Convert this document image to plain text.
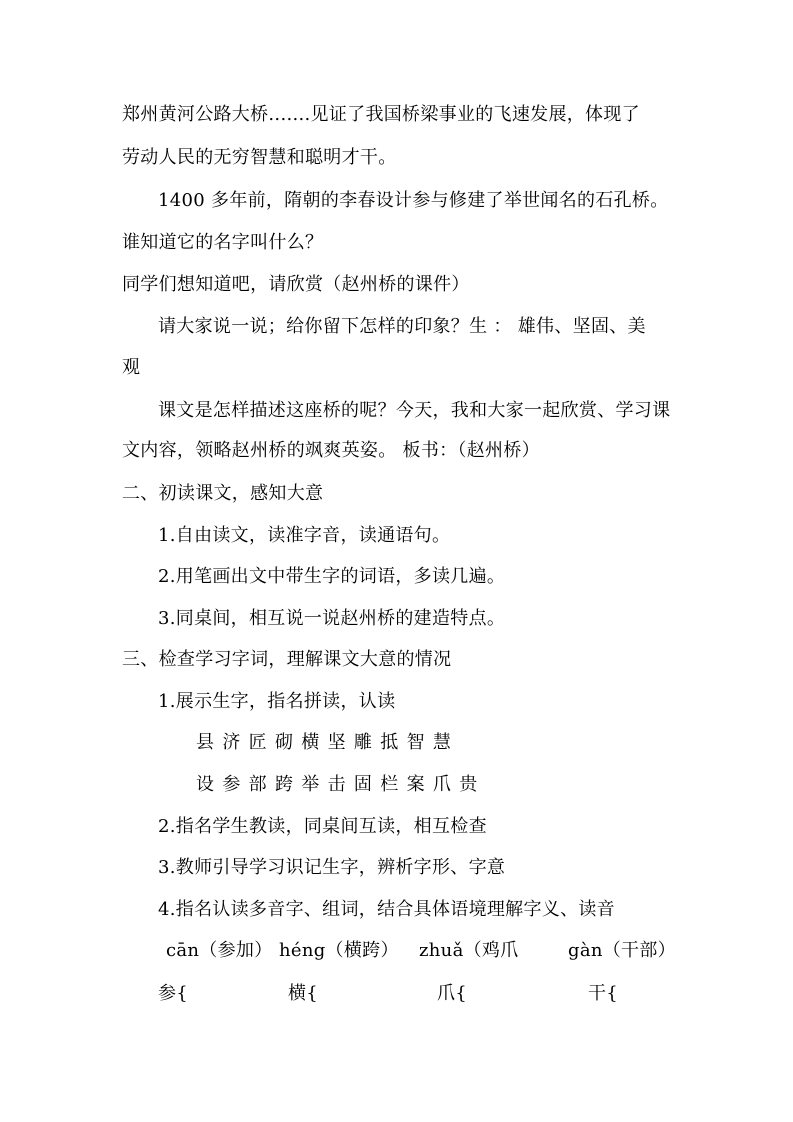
郑州黄河公路大桥.......见证了我国桥梁事业的飞速发展，体现了
劳动人民的无穷智慧和聪明才干。
1400 多年前，隋朝的李春设计参与修建了举世闻名的石孔桥。
谁知道它的名字叫什么？
同学们想知道吧，请欣赏（赵州桥的课件）
请大家说一说；给你留下怎样的印象？生 ： 雄伟、坚固、美
观
课文是怎样描述这座桥的呢？今天，我和大家一起欣赏、学习课
文内容，领略赵州桥的飒爽英姿。 板书：（赵州桥）
二、初读课文，感知大意
1.自由读文，读准字音，读通语句。
2.用笔画出文中带生字的词语，多读几遍。
3.同桌间，相互说一说赵州桥的建造特点。
三、检查学习字词，理解课文大意的情况
1.展示生字，指名拼读，认读
县 济 匠 砌 横 坚 雕 抵 智 慧
设 参 部 跨 举 击 固 栏 案 爪 贵
2.指名学生教读，同桌间互读，相互检查
3.教师引导学习识记生字，辨析字形、字意
4.指名认读多音字、组词，结合具体语境理解字义、读音
cān（参加） héng（横跨） zhuǎ（鸡爪	gàn（干部）
参{	横{	爪{	干{
